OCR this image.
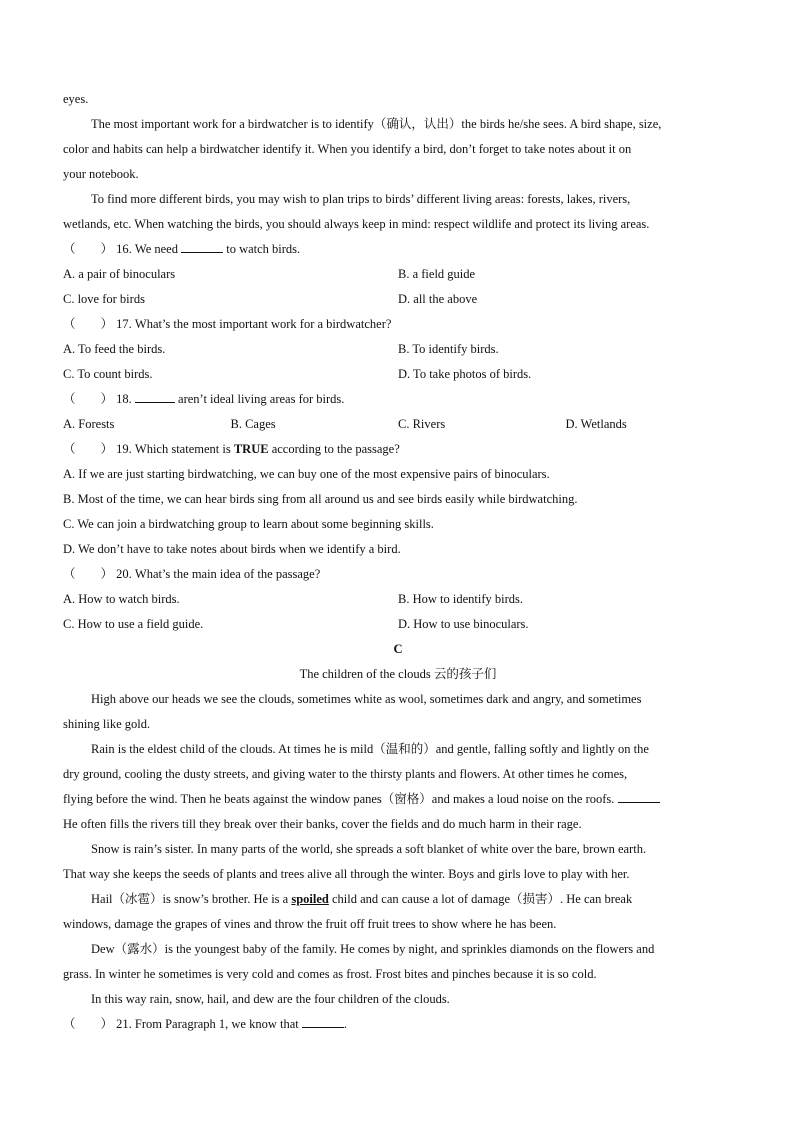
eyes.
The most important work for a birdwatcher is to identify（确认，认出）the birds he/she sees. A bird shape, size,
color and habits can help a birdwatcher identify it. When you identify a bird, don’t forget to take notes about it on
your notebook.
To find more different birds, you may wish to plan trips to birds’ different living areas: forests, lakes, rivers,
wetlands, etc. When watching the birds, you should always keep in mind: respect wildlife and protect its living areas.
（　　） 16. We need	to watch birds.
A. a pair of binoculars	B. a field guide
C. love for birds	D. all the above
（　　） 17. What’s the most important work for a birdwatcher?
A. To feed the birds.	B. To identify birds.
C. To count birds.	D. To take photos of birds.
（　　） 18.	aren’t ideal living areas for birds.
A. Forests	B. Cages	C. Rivers	D. Wetlands
（　　） 19. Which statement is TRUE according to the passage?
A. If we are just starting birdwatching, we can buy one of the most expensive pairs of binoculars.
B. Most of the time, we can hear birds sing from all around us and see birds easily while birdwatching.
C. We can join a birdwatching group to learn about some beginning skills.
D. We don’t have to take notes about birds when we identify a bird.
（　　） 20. What’s the main idea of the passage?
A. How to watch birds.	B. How to identify birds.
C. How to use a field guide.	D. How to use binoculars.
C
The children of the clouds 云的孩子们
High above our heads we see the clouds, sometimes white as wool, sometimes dark and angry, and sometimes
shining like gold.
Rain is the eldest child of the clouds. At times he is mild（温和的）and gentle, falling softly and lightly on the
dry ground, cooling the dusty streets, and giving water to the thirsty plants and flowers. At other times he comes,
flying before the wind. Then he beats against the window panes（窗格）and makes a loud noise on the roofs.
He often fills the rivers till they break over their banks, cover the fields and do much harm in their rage.
Snow is rain’s sister. In many parts of the world, she spreads a soft blanket of white over the bare, brown earth.
That way she keeps the seeds of plants and trees alive all through the winter. Boys and girls love to play with her.
Hail（冰雹）is snow’s brother. He is a spoiled child and can cause a lot of damage（损害）. He can break
windows, damage the grapes of vines and throw the fruit off fruit trees to show where he has been.
Dew（露水）is the youngest baby of the family. He comes by night, and sprinkles diamonds on the flowers and
grass. In winter he sometimes is very cold and comes as frost. Frost bites and pinches because it is so cold.
In this way rain, snow, hail, and dew are the four children of the clouds.
（　　） 21. From Paragraph 1, we know that	.
